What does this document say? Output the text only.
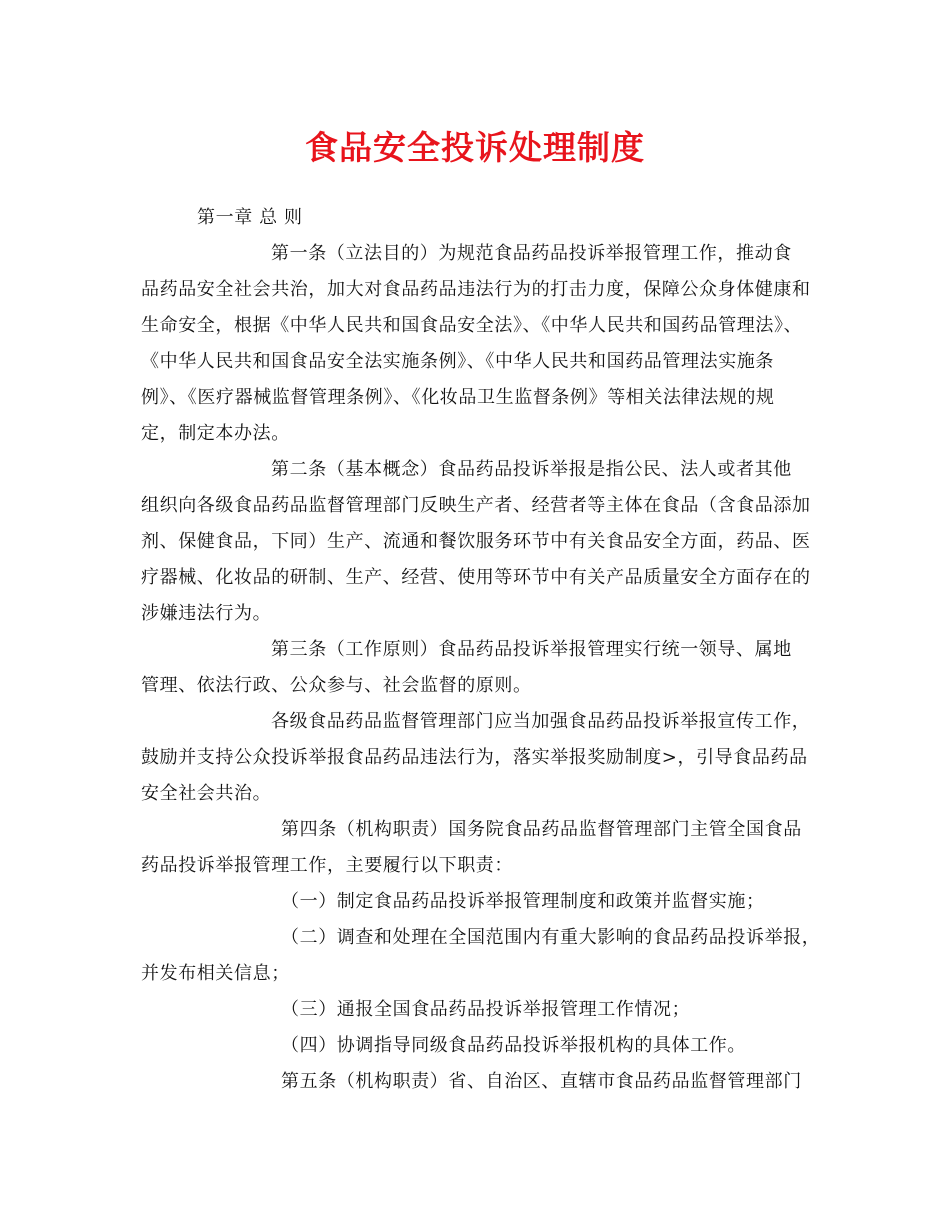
食品安全投诉处理制度

第一章 总 则

第一条（立法目的）为规范食品药品投诉举报管理工作，推动食

品药品安全社会共治，加大对食品药品违法行为的打击力度，保障公众身体健康和

生命安全，根据《中华人民共和国食品安全法》、《中华人民共和国药品管理法》、

《中华人民共和国食品安全法实施条例》、《中华人民共和国药品管理法实施条

例》、《医疗器械监督管理条例》、《化妆品卫生监督条例》等相关法律法规的规

定，制定本办法。

第二条（基本概念）食品药品投诉举报是指公民、法人或者其他

组织向各级食品药品监督管理部门反映生产者、经营者等主体在食品（含食品添加

剂、保健食品，下同）生产、流通和餐饮服务环节中有关食品安全方面，药品、医

疗器械、化妆品的研制、生产、经营、使用等环节中有关产品质量安全方面存在的

涉嫌违法行为。

第三条（工作原则）食品药品投诉举报管理实行统一领导、属地

管理、依法行政、公众参与、社会监督的原则。

各级食品药品监督管理部门应当加强食品药品投诉举报宣传工作，

鼓励并支持公众投诉举报食品药品违法行为，落实举报奖励制度>，引导食品药品

安全社会共治。

第四条（机构职责）国务院食品药品监督管理部门主管全国食品

药品投诉举报管理工作，主要履行以下职责：

（一）制定食品药品投诉举报管理制度和政策并监督实施；

（二）调查和处理在全国范围内有重大影响的食品药品投诉举报，

并发布相关信息；

（三）通报全国食品药品投诉举报管理工作情况；

（四）协调指导同级食品药品投诉举报机构的具体工作。

第五条（机构职责）省、自治区、直辖市食品药品监督管理部门
